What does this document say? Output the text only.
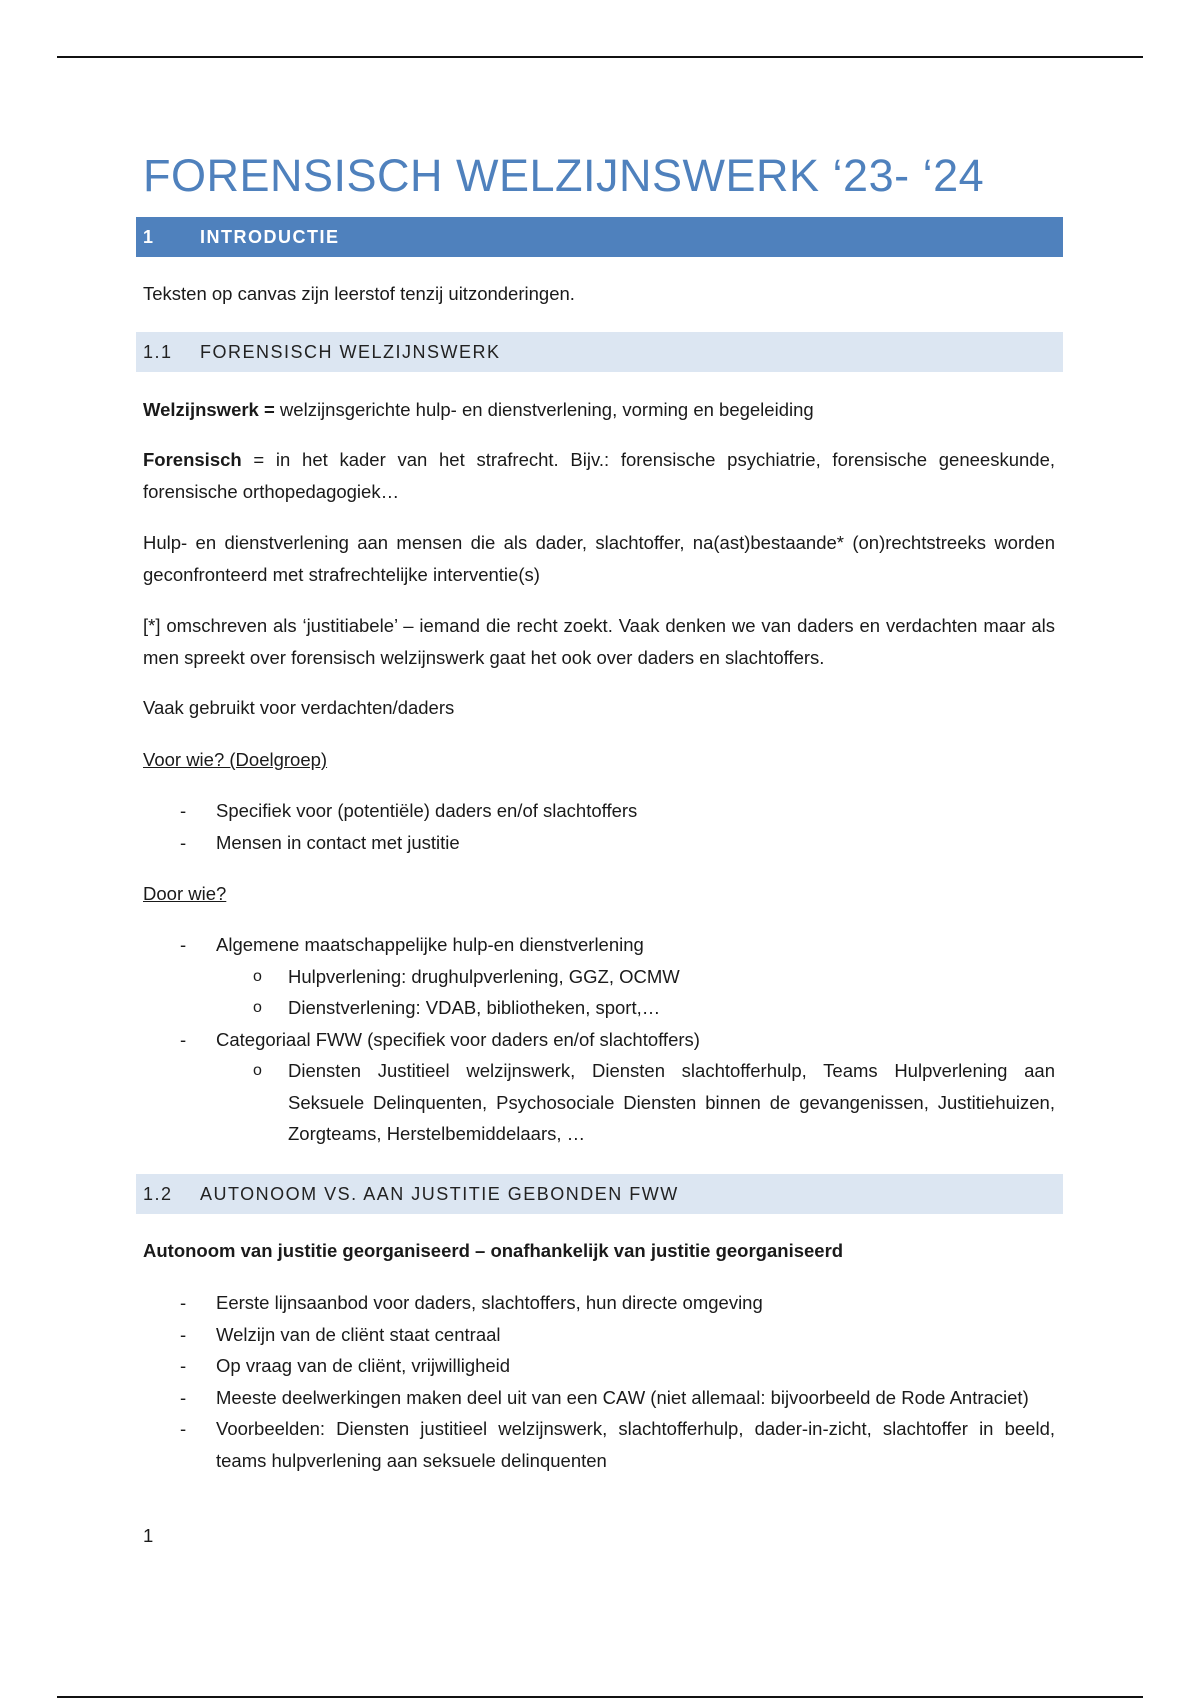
FORENSISCH WELZIJNSWERK ‘23- ‘24
1	INTRODUCTIE

Teksten op canvas zijn leerstof tenzij uitzonderingen.

1.1	FORENSISCH WELZIJNSWERK

Welzijnswerk = welzijnsgerichte hulp- en dienstverlening, vorming en begeleiding

Forensisch = in het kader van het strafrecht. Bijv.: forensische psychiatrie, forensische geneeskunde, forensische orthopedagogiek…

Hulp- en dienstverlening aan mensen die als dader, slachtoffer, na(ast)bestaande* (on)rechtstreeks worden geconfronteerd met strafrechtelijke interventie(s)

[*] omschreven als ‘justitiabele’ – iemand die recht zoekt. Vaak denken we van daders en verdachten maar als men spreekt over forensisch welzijnswerk gaat het ook over daders en slachtoffers.

Vaak gebruikt voor verdachten/daders

Voor wie? (Doelgroep)

- Specifiek voor (potentiële) daders en/of slachtoffers
- Mensen in contact met justitie

Door wie?

- Algemene maatschappelijke hulp-en dienstverlening
o Hulpverlening: drughulpverlening, GGZ, OCMW
o Dienstverlening: VDAB, bibliotheken, sport,…
- Categoriaal FWW (specifiek voor daders en/of slachtoffers)
o Diensten Justitieel welzijnswerk, Diensten slachtofferhulp, Teams Hulpverlening aan Seksuele Delinquenten, Psychosociale Diensten binnen de gevangenissen, Justitiehuizen, Zorgteams, Herstelbemiddelaars, …
1.2	AUTONOOM VS. AAN JUSTITIE GEBONDEN FWW

Autonoom van justitie georganiseerd – onafhankelijk van justitie georganiseerd

- Eerste lijnsaanbod voor daders, slachtoffers, hun directe omgeving
- Welzijn van de cliënt staat centraal
- Op vraag van de cliënt, vrijwilligheid
- Meeste deelwerkingen maken deel uit van een CAW (niet allemaal: bijvoorbeeld de Rode Antraciet)
- Voorbeelden: Diensten justitieel welzijnswerk, slachtofferhulp, dader-in-zicht, slachtoffer in beeld, teams hulpverlening aan seksuele delinquenten
1
